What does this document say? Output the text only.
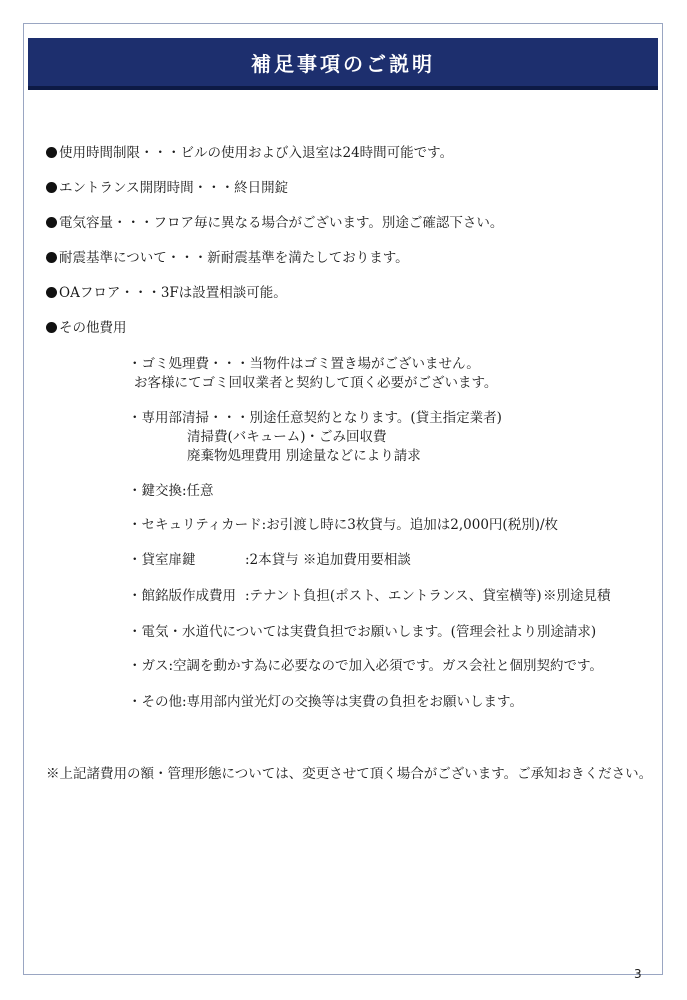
補足事項のご説明
使用時間制限・・・ビルの使用および入退室は24時間可能です。
エントランス開閉時間・・・終日開錠
電気容量・・・フロア毎に異なる場合がございます。別途ご確認下さい。
耐震基準について・・・新耐震基準を満たしております。
OAフロア・・・3Fは設置相談可能。
その他費用
・ゴミ処理費・・・当物件はゴミ置き場がございません。
お客様にてゴミ回収業者と契約して頂く必要がございます。
・専用部清掃・・・別途任意契約となります。(貸主指定業者)
清掃費(バキューム)・ごみ回収費
廃棄物処理費用 別途量などにより請求
・鍵交換:任意
・セキュリティカード:お引渡し時に3枚貸与。追加は2,000円(税別)/枚
・貸室扉鍵	:2本貸与 ※追加費用要相談
・館銘版作成費用 :テナント負担(ポスト、エントランス、貸室横等) ※別途見積
・電気・水道代については実費負担でお願いします。(管理会社より別途請求)
・ガス:空調を動かす為に必要なので加入必須です。ガス会社と個別契約です。
・その他:専用部内蛍光灯の交換等は実費の負担をお願いします。
※上記諸費用の額・管理形態については、変更させて頂く場合がございます。ご承知おきください。
3
